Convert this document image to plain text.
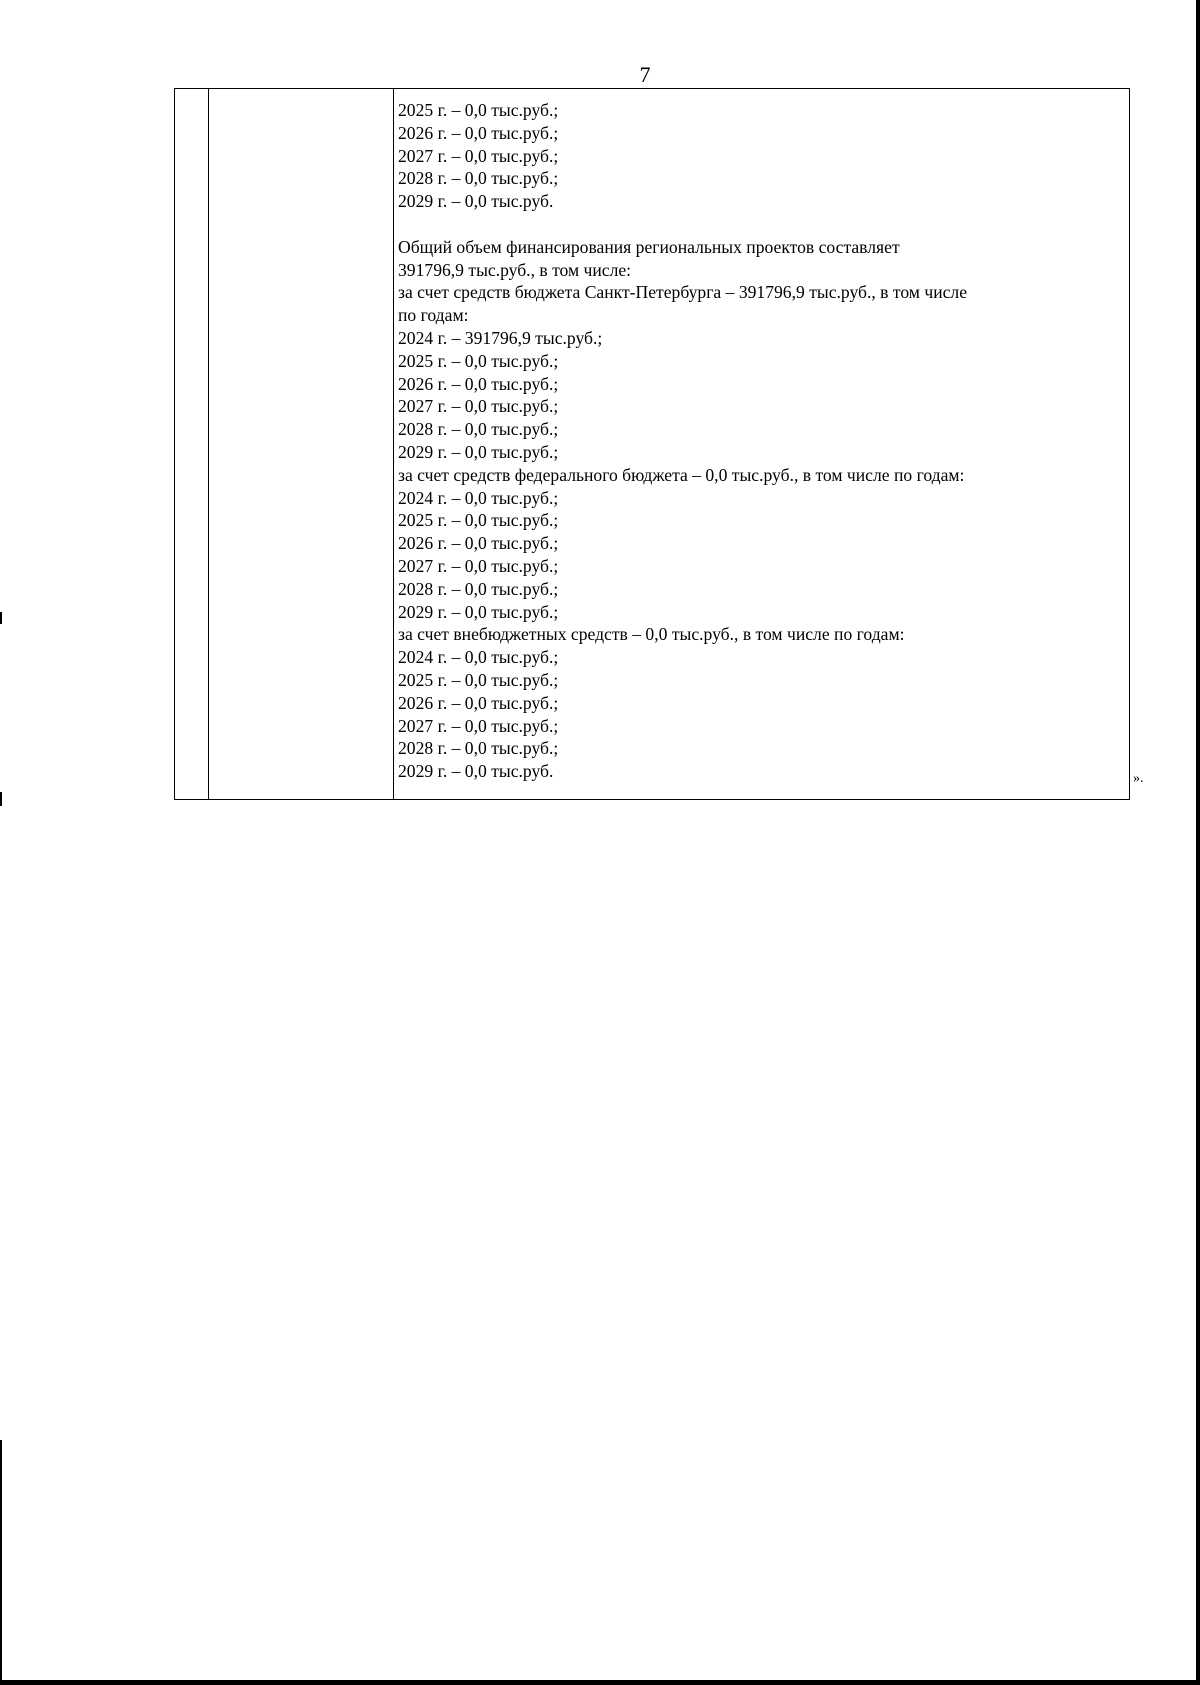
7

2025 г. – 0,0 тыс.руб.;
2026 г. – 0,0 тыс.руб.;
2027 г. – 0,0 тыс.руб.;
2028 г. – 0,0 тыс.руб.;
2029 г. – 0,0 тыс.руб.
Общий объем финансирования региональных проектов составляет
391796,9 тыс.руб., в том числе:
за счет средств бюджета Санкт-Петербурга – 391796,9 тыс.руб., в том числе
по годам:
2024 г. – 391796,9 тыс.руб.;
2025 г. – 0,0 тыс.руб.;
2026 г. – 0,0 тыс.руб.;
2027 г. – 0,0 тыс.руб.;
2028 г. – 0,0 тыс.руб.;
2029 г. – 0,0 тыс.руб.;
за счет средств федерального бюджета – 0,0 тыс.руб., в том числе по годам:
2024 г. – 0,0 тыс.руб.;
2025 г. – 0,0 тыс.руб.;
2026 г. – 0,0 тыс.руб.;
2027 г. – 0,0 тыс.руб.;
2028 г. – 0,0 тыс.руб.;
2029 г. – 0,0 тыс.руб.;
за счет внебюджетных средств – 0,0 тыс.руб., в том числе по годам:
2024 г. – 0,0 тыс.руб.;
2025 г. – 0,0 тыс.руб.;
2026 г. – 0,0 тыс.руб.;
2027 г. – 0,0 тыс.руб.;
2028 г. – 0,0 тыс.руб.;
2029 г. – 0,0 тыс.руб.	».
